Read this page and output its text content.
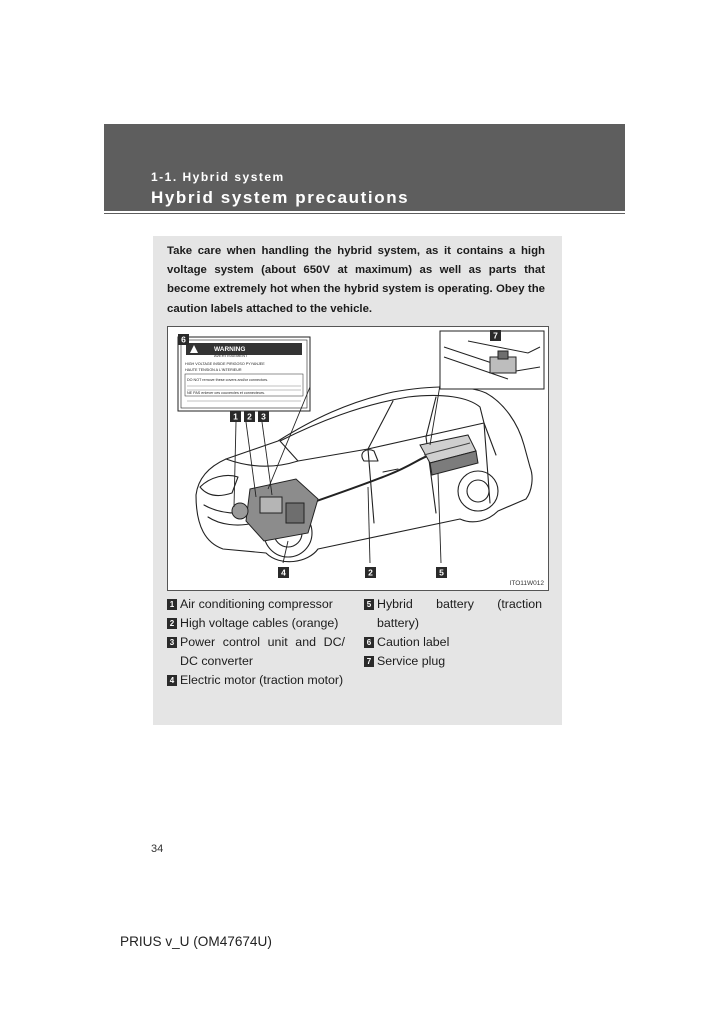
1-1. Hybrid system
Hybrid system precautions
Take care when handling the hybrid system, as it contains a high voltage system (about 650V at maximum) as well as parts that become extremely hot when the hybrid system is operating. Obey the caution labels attached to the vehicle.
WARNING
AVERTISSEMENT
HIGH VOLTAGE INSIDE PIRIGOSO PYYANJEE
HAUTE TENSION A L'INTERIEUR
DO NOT remove these covers and/or connectors.
NE PAS enlever ces couvercles et connecteurs.
6	7
1 2 3
4	2	5
ITO11W012
1 Air conditioning compressor
2 High voltage cables (orange)
3 Power control unit and DC/ DC converter
4 Electric motor (traction motor)
5 Hybrid battery (traction battery)
6 Caution label
7 Service plug
34
PRIUS v_U (OM47674U)
